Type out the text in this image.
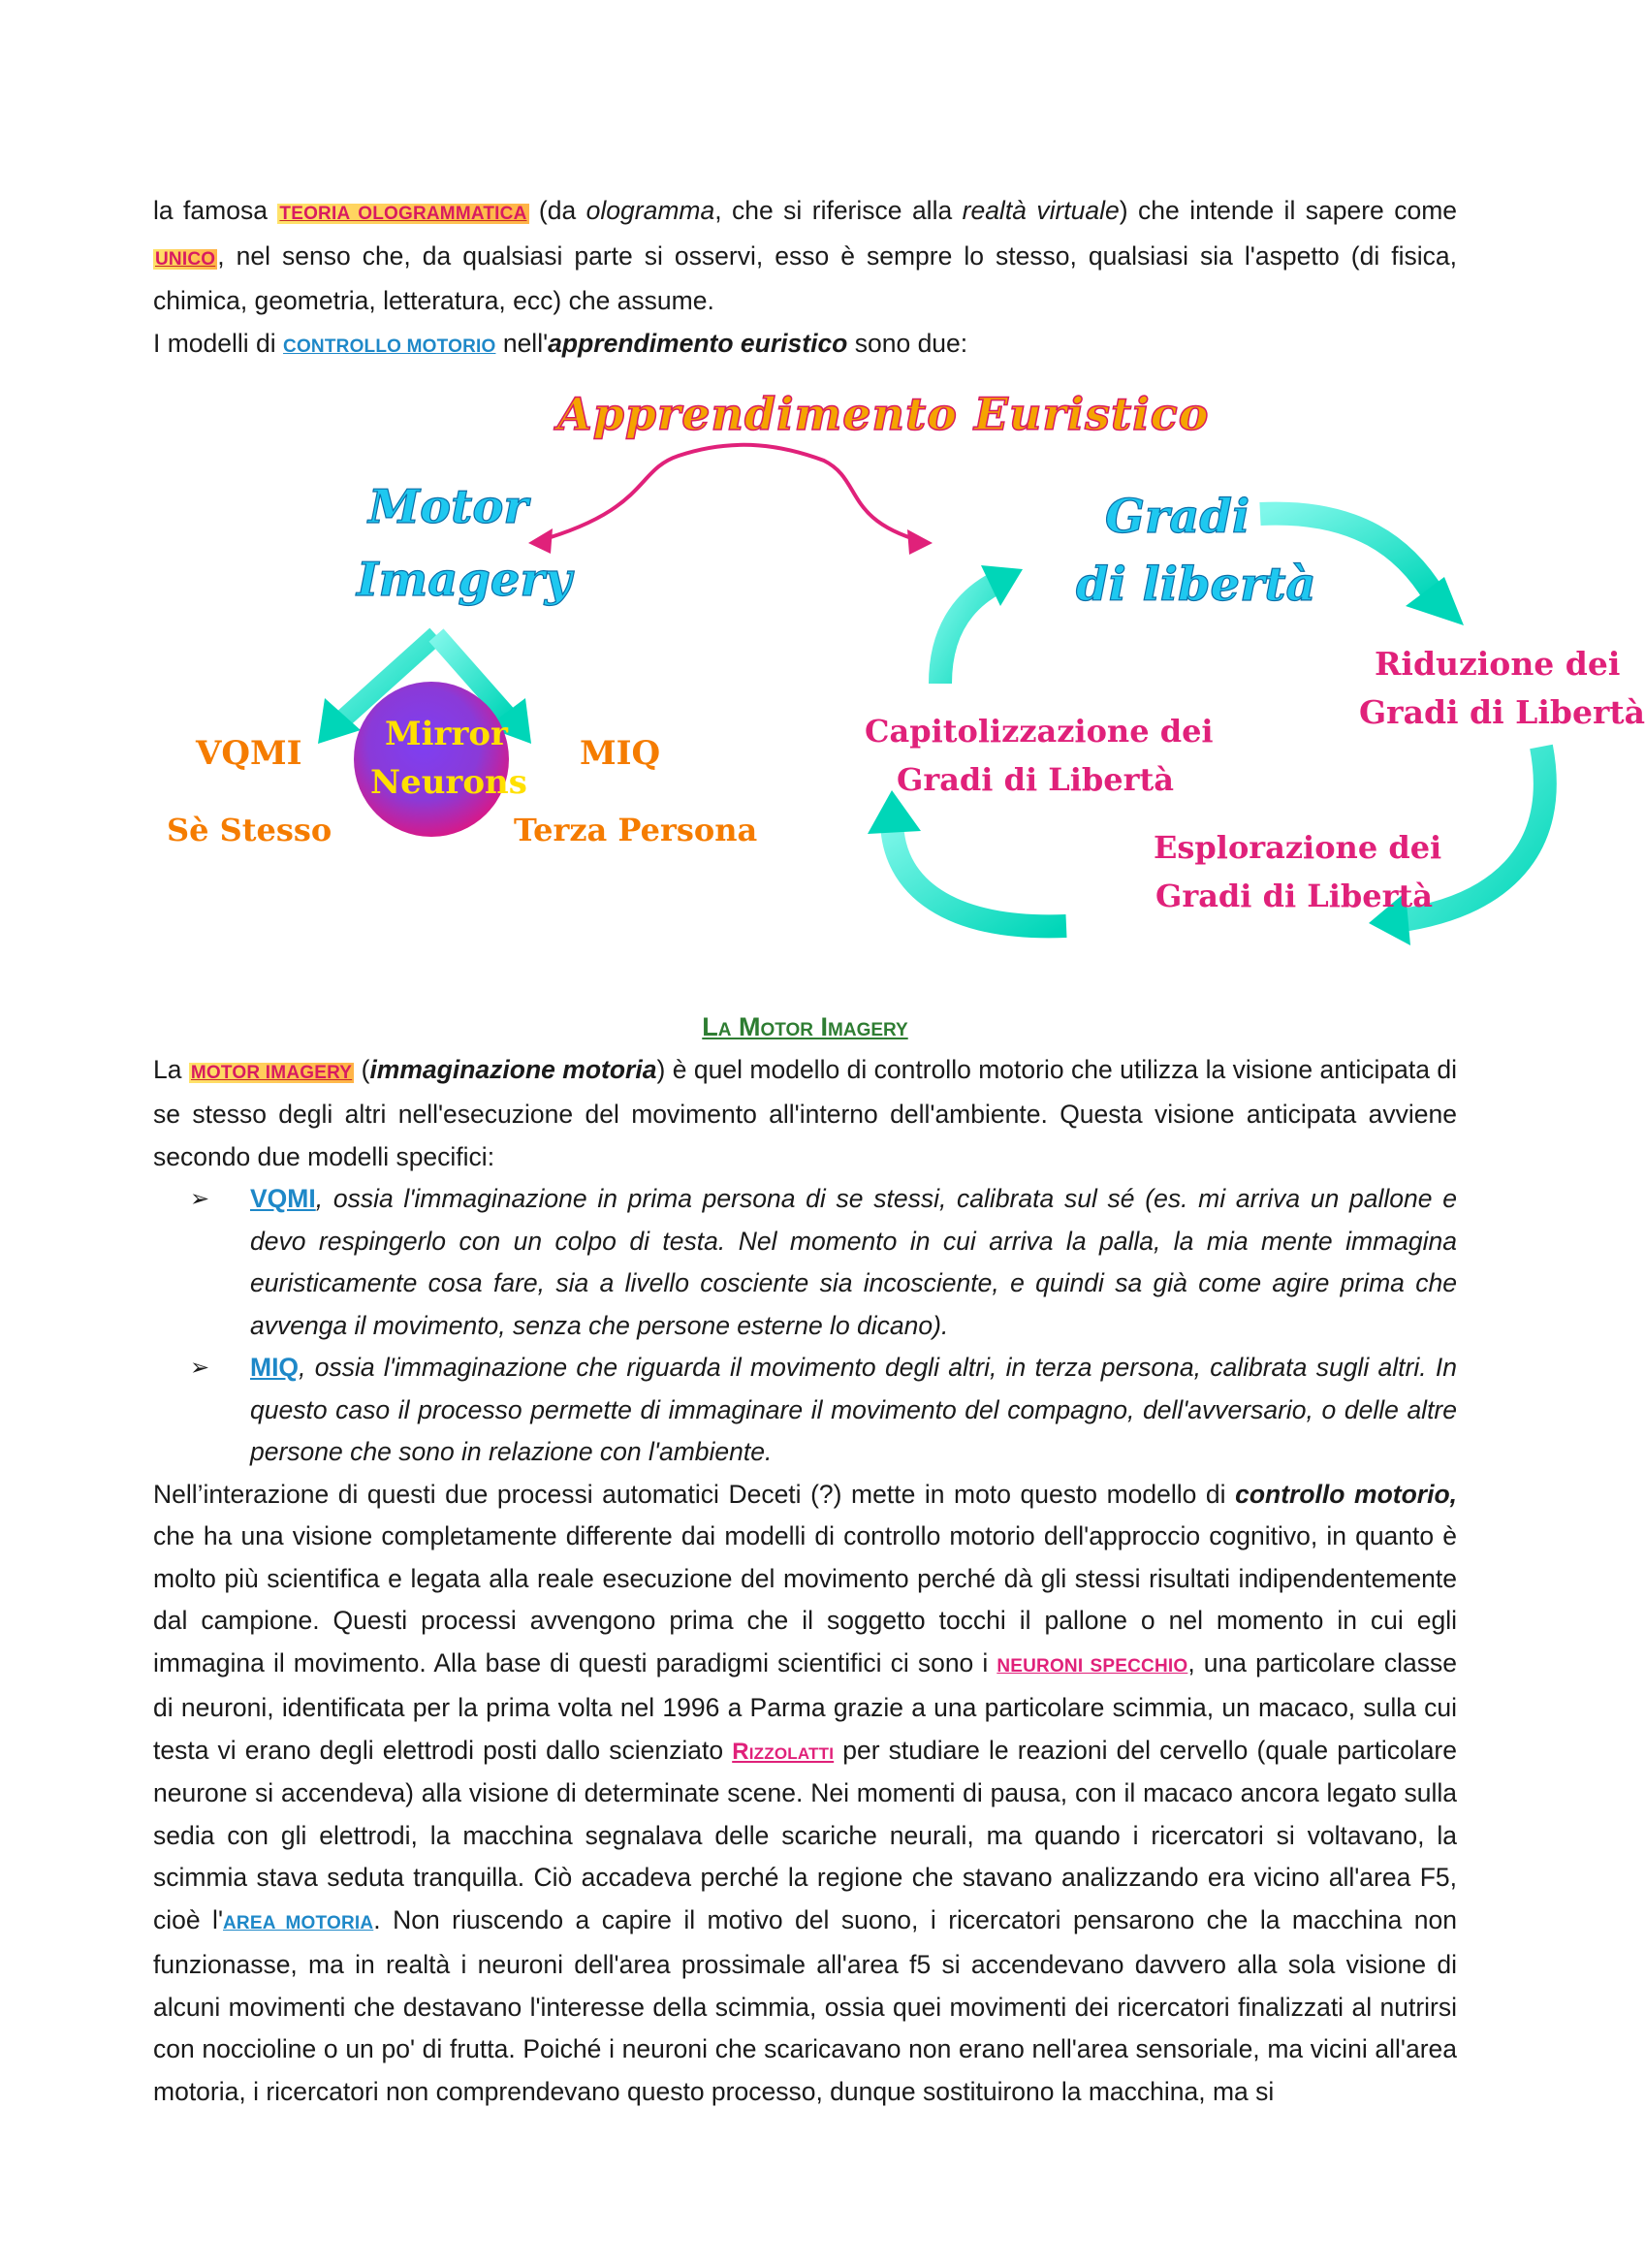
la famosa TEORIA OLOGRAMMATICA (da ologramma, che si riferisce alla realtà virtuale) che intende il sapere come UNICO, nel senso che, da qualsiasi parte si osservi, esso è sempre lo stesso, qualsiasi sia l'aspetto (di fisica, chimica, geometria, letteratura, ecc) che assume.

I modelli di CONTROLLO MOTORIO nell'apprendimento euristico sono due:

Apprendimento Euristico
Motor
Imagery
Gradi
di libertà
Mirror
Neurons
VQMI	MIQ
Sè Stesso	Terza Persona
Riduzione dei
Gradi di Libertà
Capitolizzazione dei
Gradi di Libertà
Esplorazione dei
Gradi di Libertà

La Motor Imagery

La MOTOR IMAGERY (immaginazione motoria) è quel modello di controllo motorio che utilizza la visione anticipata di se stesso degli altri nell'esecuzione del movimento all'interno dell'ambiente. Questa visione anticipata avviene secondo due modelli specifici:

➢ VQMI, ossia l'immaginazione in prima persona di se stessi, calibrata sul sé (es. mi arriva un pallone e devo respingerlo con un colpo di testa. Nel momento in cui arriva la palla, la mia mente immagina euristicamente cosa fare, sia a livello cosciente sia incosciente, e quindi sa già come agire prima che avvenga il movimento, senza che persone esterne lo dicano).
➢ MIQ, ossia l'immaginazione che riguarda il movimento degli altri, in terza persona, calibrata sugli altri. In questo caso il processo permette di immaginare il movimento del compagno, dell'avversario, o delle altre persone che sono in relazione con l'ambiente.

Nell’interazione di questi due processi automatici Deceti (?) mette in moto questo modello di controllo motorio, che ha una visione completamente differente dai modelli di controllo motorio dell'approccio cognitivo, in quanto è molto più scientifica e legata alla reale esecuzione del movimento perché dà gli stessi risultati indipendentemente dal campione. Questi processi avvengono prima che il soggetto tocchi il pallone o nel momento in cui egli immagina il movimento. Alla base di questi paradigmi scientifici ci sono i NEURONI SPECCHIO, una particolare classe di neuroni, identificata per la prima volta nel 1996 a Parma grazie a una particolare scimmia, un macaco, sulla cui testa vi erano degli elettrodi posti dallo scienziato Rizzolatti per studiare le reazioni del cervello (quale particolare neurone si accendeva) alla visione di determinate scene. Nei momenti di pausa, con il macaco ancora legato sulla sedia con gli elettrodi, la macchina segnalava delle scariche neurali, ma quando i ricercatori si voltavano, la scimmia stava seduta tranquilla. Ciò accadeva perché la regione che stavano analizzando era vicino all'area F5, cioè l'AREA MOTORIA. Non riuscendo a capire il motivo del suono, i ricercatori pensarono che la macchina non funzionasse, ma in realtà i neuroni dell'area prossimale all'area f5 si accendevano davvero alla sola visione di alcuni movimenti che destavano l'interesse della scimmia, ossia quei movimenti dei ricercatori finalizzati al nutrirsi con noccioline o un po' di frutta. Poiché i neuroni che scaricavano non erano nell'area sensoriale, ma vicini all'area motoria, i ricercatori non comprendevano questo processo, dunque sostituirono la macchina, ma si
